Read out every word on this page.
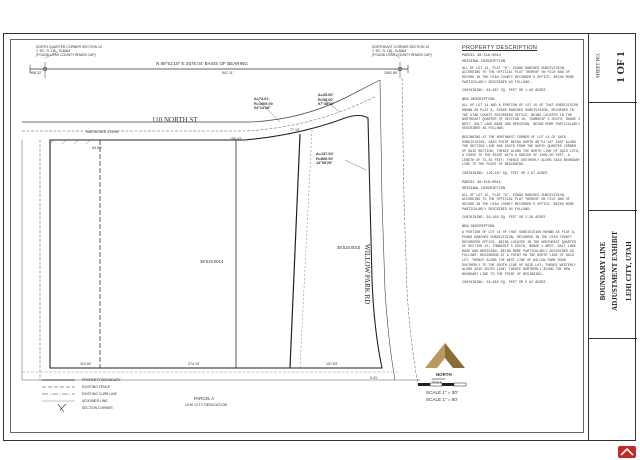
NORTH QUARTER CORNER SECTION 10
T. 5S., R. 1W., SLB&M
(FOUND UTAH COUNTY BRASS CAP)
NORTHEAST CORNER SECTION 10
T. 5S., R. 1W., SLB&M
(FOUND UTAH COUNTY BRASS CAP)
N 89°51'18" E 2676.04' BASIS OF BEARING
996.32'	947.11'	1081.89'
110 NORTH ST
WILLOW PARK RD
Δ=73.61'
R=1009.00
04°14'28"
Δ=25.60'
R=15.00
97°48'22"
Δ=137.64'
R=800.00
14°08'29"
N89°54'48"E 179.65'
186.43'
54.53'
77.19'
38:518:0014
38:518:0015
110.00'	274.10'	157.83'
0.41'
PARCEL A
LEHI CITY DEDICATION
NORTH
GRAPHIC
SCALE
SCALE 1" = 30'
SCALE 1" = 60'
PROPERTY BOUNDARY
EXISTING FENCE
EXISTING CURB LINE
ADJOINER LINE
SECTION CORNER
PROPERTY DESCRIPTION

PARCEL 38:518:0014

ORIGINAL DESCRIPTION

ALL OF LOT 14, PLAT "A", EVANS RANCHES SUBDIVISION, ACCORDING TO THE OFFICIAL PLAT THEREOF ON FILE AND OF RECORD IN THE UTAH COUNTY RECORDER'S OFFICE. BEING MORE PARTICULARLY DESCRIBED AS FOLLOWS:

CONTAINING: 69,887 SQ. FEET OR 1.60 ACRES

NEW DESCRIPTION

ALL OF LOT 14 AND A PORTION OF LOT 15 OF THAT SUBDIVISION KNOWN AS PLAT A, EVANS RANCHES SUBDIVISION, RECORDED IN THE UTAH COUNTY RECORDERS OFFICE, BEING LOCATED IN THE NORTHEAST QUARTER OF SECTION 10, TOWNSHIP 5 SOUTH, RANGE 1 WEST, SALT LAKE BASE AND MERIDIAN, BEING MORE PARTICULARLY DESCRIBED AS FOLLOWS:

BEGINNING AT THE NORTHWEST CORNER OF LOT 14 OF SAID SUBDIVISION, SAID POINT BEING NORTH 89°51'18" EAST ALONG THE SECTION LINE AND SOUTH FROM THE NORTH QUARTER CORNER OF SAID SECTION; THENCE ALONG THE NORTH LINE OF SAID LOTS, A CURVE TO THE RIGHT WITH A RADIUS OF 1009.00 FEET, A LENGTH OF 73.61 FEET; THENCE SOUTHERLY ALONG SAID BOUNDARY LINE TO THE POINT OF BEGINNING.

CONTAINING: 129,487 SQ. FEET OR 2.97 ACRES

PARCEL 38:518:0015

ORIGINAL DESCRIPTION

ALL OF LOT 15, PLAT "A", EVANS RANCHES SUBDIVISION, ACCORDING TO THE OFFICIAL PLAT THEREOF ON FILE AND OF RECORD IN THE UTAH COUNTY RECORDER'S OFFICE. BEING MORE PARTICULARLY DESCRIBED AS FOLLOWS:

CONTAINING: 99,489 SQ. FEET OR 2.28 ACRES

NEW DESCRIPTION

A PORTION OF LOT 15 OF THAT SUBDIVISION KNOWN AS PLAT A, EVANS RANCHES SUBDIVISION, RECORDED IN THE UTAH COUNTY RECORDERS OFFICE, BEING LOCATED IN THE NORTHEAST QUARTER OF SECTION 10, TOWNSHIP 5 SOUTH, RANGE 1 WEST, SALT LAKE BASE AND MERIDIAN, BEING MORE PARTICULARLY DESCRIBED AS FOLLOWS: BEGINNING AT A POINT ON THE NORTH LINE OF SAID LOT, THENCE ALONG THE WEST LINE OF WILLOW PARK ROAD SOUTHERLY TO THE SOUTH LINE OF SAID LOT; THENCE WESTERLY ALONG SAID SOUTH LINE; THENCE NORTHERLY ALONG THE NEW BOUNDARY LINE TO THE POINT OF BEGINNING.

CONTAINING: 39,889 SQ. FEET OR 0.92 ACRES

SHEET NO. 1 OF 1
BOUNDARY LINE ADJUSTMENT EXHIBIT LEHI CITY, UTAH
